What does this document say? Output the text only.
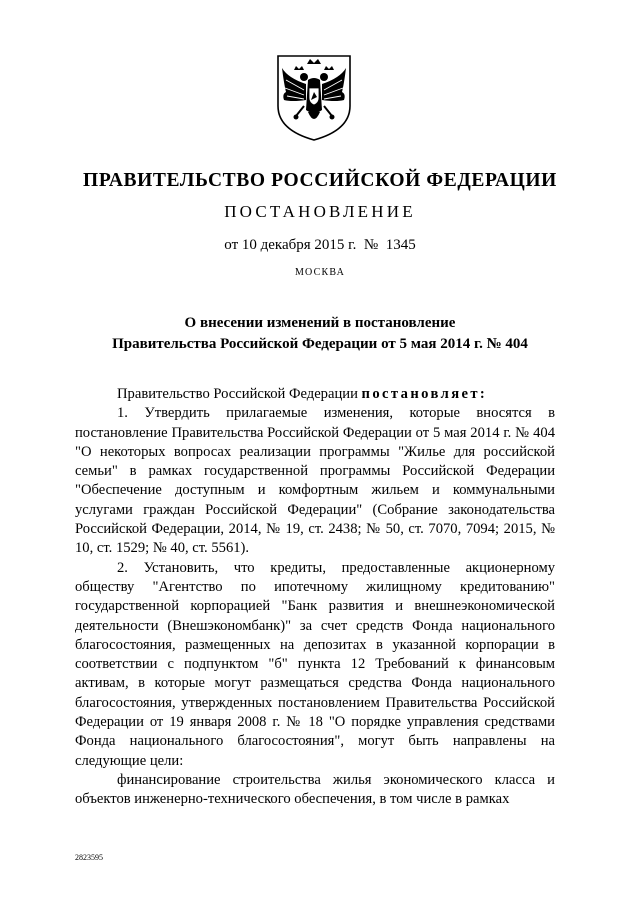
ПРАВИТЕЛЬСТВО РОССИЙСКОЙ ФЕДЕРАЦИИ
ПОСТАНОВЛЕНИЕ
от 10 декабря 2015 г.  №  1345
МОСКВА
О внесении изменений в постановление
Правительства Российской Федерации от 5 мая 2014 г. № 404

Правительство Российской Федерации постановляет:

1. Утвердить прилагаемые изменения, которые вносятся в постановление Правительства Российской Федерации от 5 мая 2014 г. № 404 "О некоторых вопросах реализации программы "Жилье для российской семьи" в рамках государственной программы Российской Федерации "Обеспечение доступным и комфортным жильем и коммунальными услугами граждан Российской Федерации" (Собрание законодательства Российской Федерации, 2014, № 19, ст. 2438; № 50, ст. 7070, 7094; 2015, № 10, ст. 1529; № 40, ст. 5561).

2. Установить, что кредиты, предоставленные акционерному обществу "Агентство по ипотечному жилищному кредитованию" государственной корпорацией "Банк развития и внешнеэкономической деятельности (Внешэкономбанк)" за счет средств Фонда национального благосостояния, размещенных на депозитах в указанной корпорации в соответствии с подпунктом "б" пункта 12 Требований к финансовым активам, в которые могут размещаться средства Фонда национального благосостояния, утвержденных постановлением Правительства Российской Федерации от 19 января 2008 г. № 18 "О порядке управления средствами Фонда национального благосостояния", могут быть направлены на следующие цели:

финансирование строительства жилья экономического класса и объектов инженерно-технического обеспечения, в том числе в рамках

2823595
